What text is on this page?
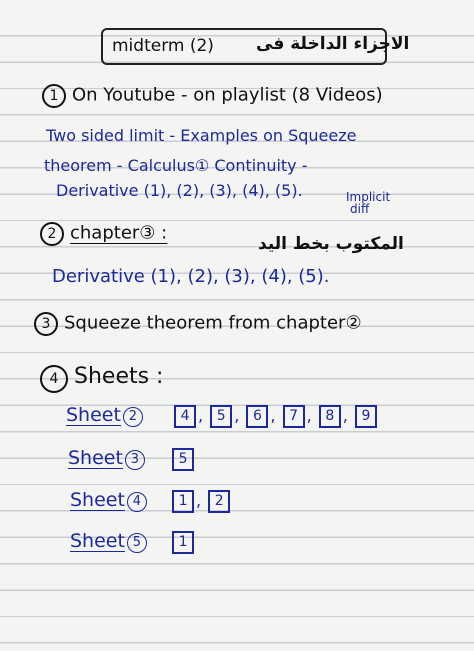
midterm (2) الاجزاء الداخلة فى
1 On Youtube - on playlist (8 Videos)
Two sided limit - Examples on Squeeze
theorem - Calculus① Continuity -
Derivative (1), (2), (3), (4), (5).	Implicit
diff
2 chapter③ :
المكتوب بخط اليد
Derivative (1), (2), (3), (4), (5).
3 Squeeze theorem from chapter②
4 Sheets :
Sheet 2	4 , 5 , 6 , 7 , 8 , 9
Sheet 3	5
Sheet 4	1 , 2
Sheet 5	1
